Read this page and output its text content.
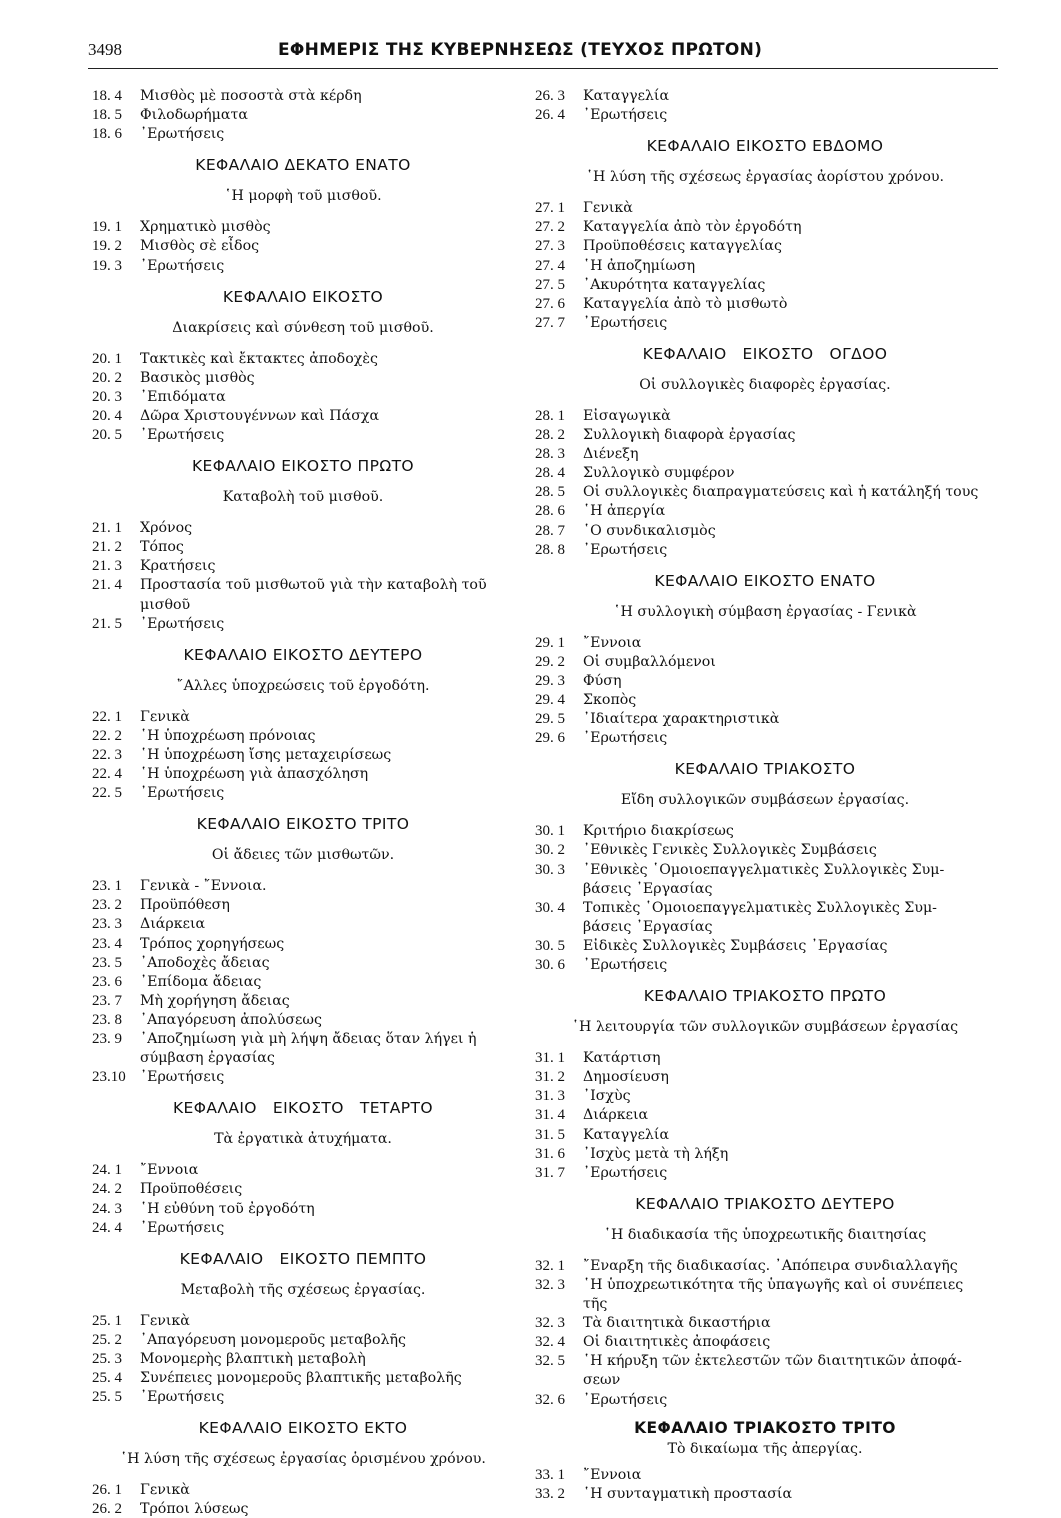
3498	ΕΦΗΜΕΡΙΣ ΤΗΣ ΚΥΒΕΡΝΗΣΕΩΣ (ΤΕΥΧΟΣ ΠΡΩΤΟΝ)
18. 4 Μισθὸς μὲ ποσοστὰ στὰ κέρδη
18. 5 Φιλοδωρήματα
18. 6 ᾿Ερωτήσεις
ΚΕΦΑΛΑΙΟ ΔΕΚΑΤΟ ΕΝΑΤΟ
῾Η μορφὴ τοῦ μισθοῦ.
19. 1 Χρηματικὸ μισθὸς
19. 2 Μισθὸς σὲ εἶδος
19. 3 ᾿Ερωτήσεις
ΚΕΦΑΛΑΙΟ ΕΙΚΟΣΤΟ
Διακρίσεις καὶ σύνθεση τοῦ μισθοῦ.
20. 1 Τακτικὲς καὶ ἔκτακτες ἀποδοχὲς
20. 2 Βασικὸς μισθὸς
20. 3 ᾿Επιδόματα
20. 4 Δῶρα Χριστουγέννων καὶ Πάσχα
20. 5 ᾿Ερωτήσεις
ΚΕΦΑΛΑΙΟ ΕΙΚΟΣΤΟ ΠΡΩΤΟ
Καταβολὴ τοῦ μισθοῦ.
21. 1 Χρόνος
21. 2 Τόπος
21. 3 Κρατήσεις
21. 4 Προστασία τοῦ μισθωτοῦ γιὰ τὴν καταβολὴ τοῦ
μισθοῦ
21. 5 ᾿Ερωτήσεις
ΚΕΦΑΛΑΙΟ ΕΙΚΟΣΤΟ ΔΕΥΤΕΡΟ
῎Αλλες ὑποχρεώσεις τοῦ ἐργοδότη.
22. 1 Γενικὰ
22. 2 ῾Η ὑποχρέωση πρόνοιας
22. 3 ῾Η ὑποχρέωση ἴσης μεταχειρίσεως
22. 4 ῾Η ὑποχρέωση γιὰ ἀπασχόληση
22. 5 ᾿Ερωτήσεις
ΚΕΦΑΛΑΙΟ ΕΙΚΟΣΤΟ ΤΡΙΤΟ
Οἱ ἄδειες τῶν μισθωτῶν.
23. 1 Γενικὰ - ῎Εννοια.
23. 2 Προϋπόθεση
23. 3 Διάρκεια
23. 4 Τρόπος χορηγήσεως
23. 5 ᾿Αποδοχὲς ἄδειας
23. 6 ᾿Επίδομα ἄδειας
23. 7 Μὴ χορήγηση ἄδειας
23. 8 ᾿Απαγόρευση ἀπολύσεως
23. 9 ᾿Αποζημίωση γιὰ μὴ λήψη ἄδειας ὅταν λήγει ἡ
σύμβαση ἐργασίας
23.10 ᾿Ερωτήσεις
ΚΕΦΑΛΑΙΟ   ΕΙΚΟΣΤΟ   ΤΕΤΑΡΤΟ
Τὰ ἐργατικὰ ἀτυχήματα.
24. 1 ῎Εννοια
24. 2 Προϋποθέσεις
24. 3 ῾Η εὐθύνη τοῦ ἐργοδότη
24. 4 ᾿Ερωτήσεις
ΚΕΦΑΛΑΙΟ   ΕΙΚΟΣΤΟ ΠΕΜΠΤΟ
Μεταβολὴ τῆς σχέσεως ἐργασίας.
25. 1 Γενικὰ
25. 2 ᾿Απαγόρευση μονομεροῦς μεταβολῆς
25. 3 Μονομερὴς βλαπτικὴ μεταβολὴ
25. 4 Συνέπειες μονομεροῦς βλαπτικῆς μεταβολῆς
25. 5 ᾿Ερωτήσεις
ΚΕΦΑΛΑΙΟ ΕΙΚΟΣΤΟ ΕΚΤΟ
῾Η λύση τῆς σχέσεως ἐργασίας ὁρισμένου χρόνου.
26. 1 Γενικὰ
26. 2 Τρόποι λύσεως
26. 3 Καταγγελία
26. 4 ᾿Ερωτήσεις
ΚΕΦΑΛΑΙΟ ΕΙΚΟΣΤΟ ΕΒΔΟΜΟ
῾Η λύση τῆς σχέσεως ἐργασίας ἀορίστου χρόνου.
27. 1 Γενικὰ
27. 2 Καταγγελία ἀπὸ τὸν ἐργοδότη
27. 3 Προϋποθέσεις καταγγελίας
27. 4 ῾Η ἀποζημίωση
27. 5 ᾿Ακυρότητα καταγγελίας
27. 6 Καταγγελία ἀπὸ τὸ μισθωτὸ
27. 7 ᾿Ερωτήσεις
ΚΕΦΑΛΑΙΟ   ΕΙΚΟΣΤΟ   ΟΓΔΟΟ
Οἱ συλλογικὲς διαφορὲς ἐργασίας.
28. 1 Εἰσαγωγικὰ
28. 2 Συλλογικὴ διαφορὰ ἐργασίας
28. 3 Διένεξη
28. 4 Συλλογικὸ συμφέρον
28. 5 Οἱ συλλογικὲς διαπραγματεύσεις καὶ ἡ κατάληξή τους
28. 6 ῾Η ἀπεργία
28. 7 ῾Ο συνδικαλισμὸς
28. 8 ᾿Ερωτήσεις
ΚΕΦΑΛΑΙΟ ΕΙΚΟΣΤΟ ΕΝΑΤΟ
῾Η συλλογικὴ σύμβαση ἐργασίας - Γενικὰ
29. 1 ῎Εννοια
29. 2 Οἱ συμβαλλόμενοι
29. 3 Φύση
29. 4 Σκοπὸς
29. 5 ᾿Ιδιαίτερα χαρακτηριστικὰ
29. 6 ᾿Ερωτήσεις
ΚΕΦΑΛΑΙΟ ΤΡΙΑΚΟΣΤΟ
Εἴδη συλλογικῶν συμβάσεων ἐργασίας.
30. 1 Κριτήριο διακρίσεως
30. 2 ᾿Εθνικὲς Γενικὲς Συλλογικὲς Συμβάσεις
30. 3 ᾿Εθνικὲς ῾Ομοιοεπαγγελματικὲς Συλλογικὲς Συμ-
βάσεις ᾿Εργασίας
30. 4 Τοπικὲς ῾Ομοιοεπαγγελματικὲς Συλλογικὲς Συμ-
βάσεις ᾿Εργασίας
30. 5 Εἰδικὲς Συλλογικὲς Συμβάσεις ᾿Εργασίας
30. 6 ᾿Ερωτήσεις
ΚΕΦΑΛΑΙΟ ΤΡΙΑΚΟΣΤΟ ΠΡΩΤΟ
῾Η λειτουργία τῶν συλλογικῶν συμβάσεων ἐργασίας
31. 1 Κατάρτιση
31. 2 Δημοσίευση
31. 3 ᾿Ισχὺς
31. 4 Διάρκεια
31. 5 Καταγγελία
31. 6 ᾿Ισχὺς μετὰ τὴ λήξη
31. 7 ᾿Ερωτήσεις
ΚΕΦΑΛΑΙΟ ΤΡΙΑΚΟΣΤΟ ΔΕΥΤΕΡΟ
῾Η διαδικασία τῆς ὑποχρεωτικῆς διαιτησίας
32. 1 ῎Εναρξη τῆς διαδικασίας. ᾿Απόπειρα συνδιαλλαγῆς
32. 3 ῾Η ὑποχρεωτικότητα τῆς ὑπαγωγῆς καὶ οἱ συνέπειες
τῆς
32. 3 Τὰ διαιτητικὰ δικαστήρια
32. 4 Οἱ διαιτητικὲς ἀποφάσεις
32. 5 ῾Η κήρυξη τῶν ἐκτελεστῶν τῶν διαιτητικῶν ἀποφά-
σεων
32. 6 ᾿Ερωτήσεις
ΚΕΦΑΛΑΙΟ ΤΡΙΑΚΟΣΤΟ ΤΡΙΤΟ
Τὸ δικαίωμα τῆς ἀπεργίας.
33. 1 ῎Εννοια
33. 2 ῾Η συνταγματικὴ προστασία
